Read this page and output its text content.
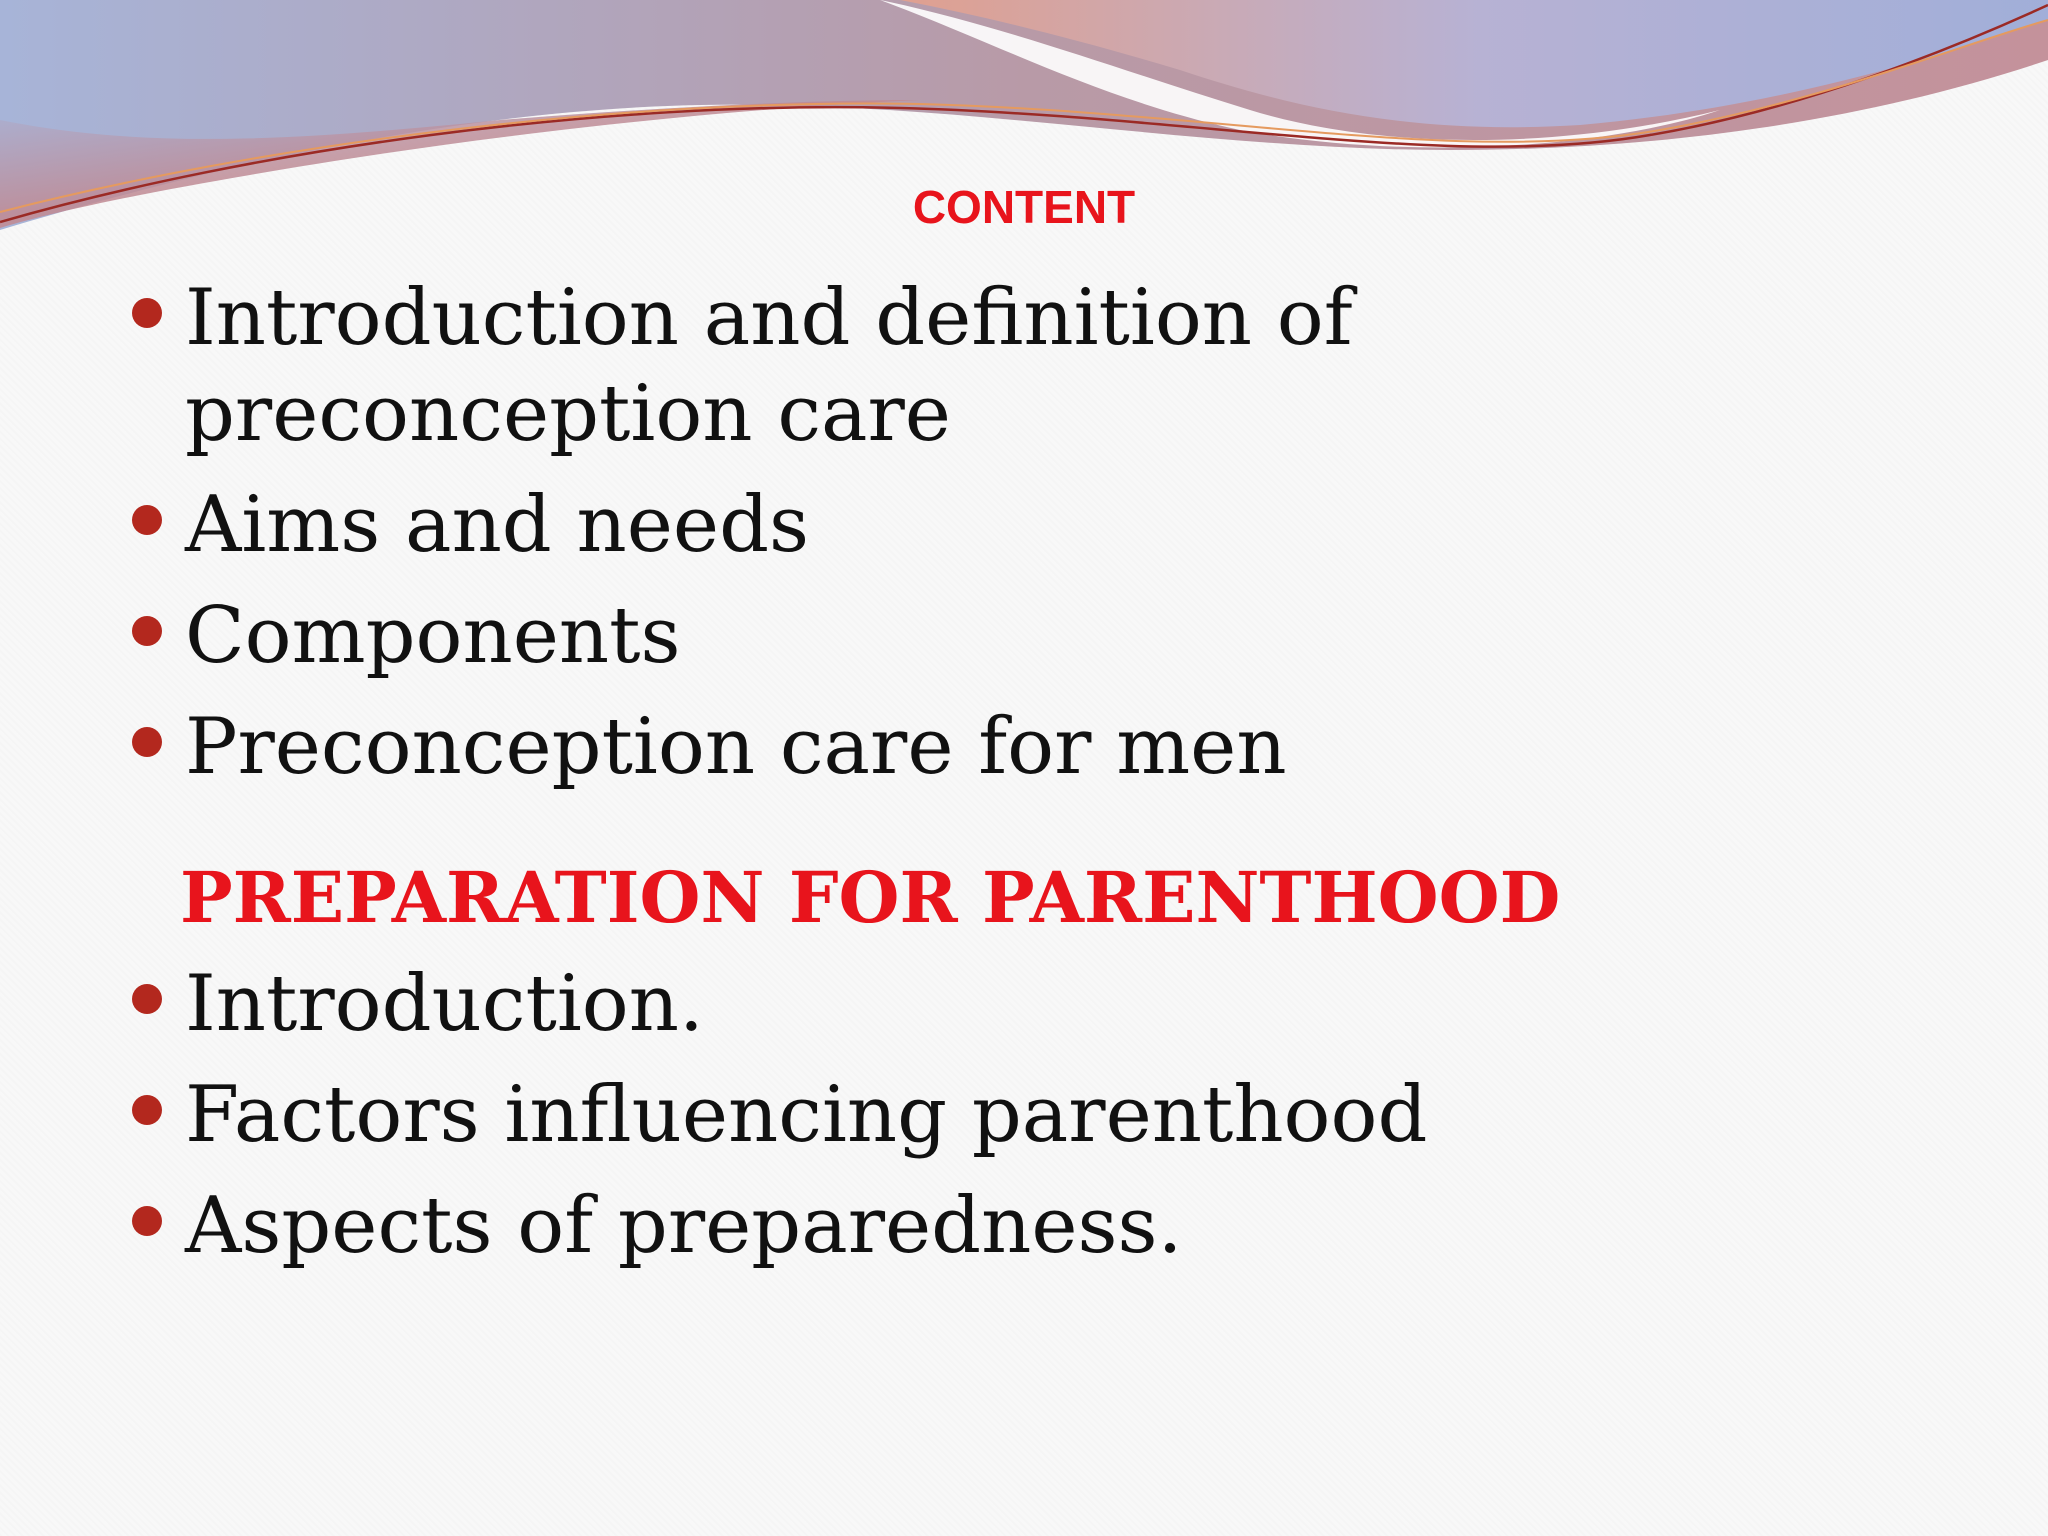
CONTENT
Introduction and definition of preconception care
Aims and needs
Components
Preconception care for men
PREPARATION FOR PARENTHOOD
Introduction.
Factors influencing parenthood
Aspects of preparedness.
